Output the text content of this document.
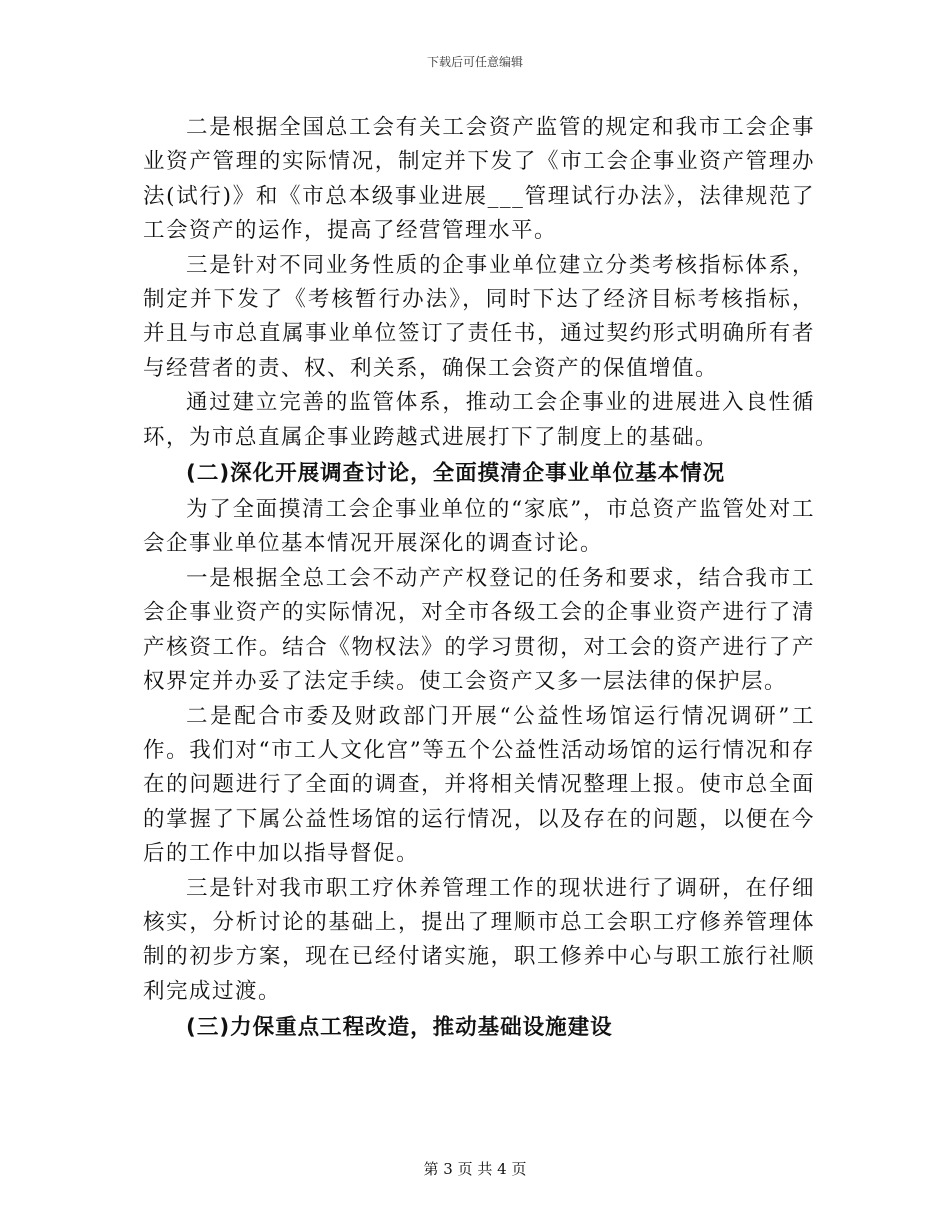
下载后可任意编辑

二是根据全国总工会有关工会资产监管的规定和我市工会企事业资产管理的实际情况，制定并下发了《市工会企事业资产管理办法(试行)》和《市总本级事业进展___管理试行办法》，法律规范了工会资产的运作，提高了经营管理水平。

三是针对不同业务性质的企事业单位建立分类考核指标体系，制定并下发了《考核暂行办法》，同时下达了经济目标考核指标，并且与市总直属事业单位签订了责任书，通过契约形式明确所有者与经营者的责、权、利关系，确保工会资产的保值增值。

通过建立完善的监管体系，推动工会企事业的进展进入良性循环，为市总直属企事业跨越式进展打下了制度上的基础。

(二)深化开展调查讨论，全面摸清企事业单位基本情况

为了全面摸清工会企事业单位的“家底”，市总资产监管处对工会企事业单位基本情况开展深化的调查讨论。

一是根据全总工会不动产产权登记的任务和要求，结合我市工会企事业资产的实际情况，对全市各级工会的企事业资产进行了清产核资工作。结合《物权法》的学习贯彻，对工会的资产进行了产权界定并办妥了法定手续。使工会资产又多一层法律的保护层。

二是配合市委及财政部门开展“公益性场馆运行情况调研”工作。我们对“市工人文化宫”等五个公益性活动场馆的运行情况和存在的问题进行了全面的调查，并将相关情况整理上报。使市总全面的掌握了下属公益性场馆的运行情况，以及存在的问题，以便在今后的工作中加以指导督促。

三是针对我市职工疗休养管理工作的现状进行了调研，在仔细核实，分析讨论的基础上，提出了理顺市总工会职工疗修养管理体制的初步方案，现在已经付诸实施，职工修养中心与职工旅行社顺利完成过渡。

(三)力保重点工程改造，推动基础设施建设

第 3 页 共 4 页
